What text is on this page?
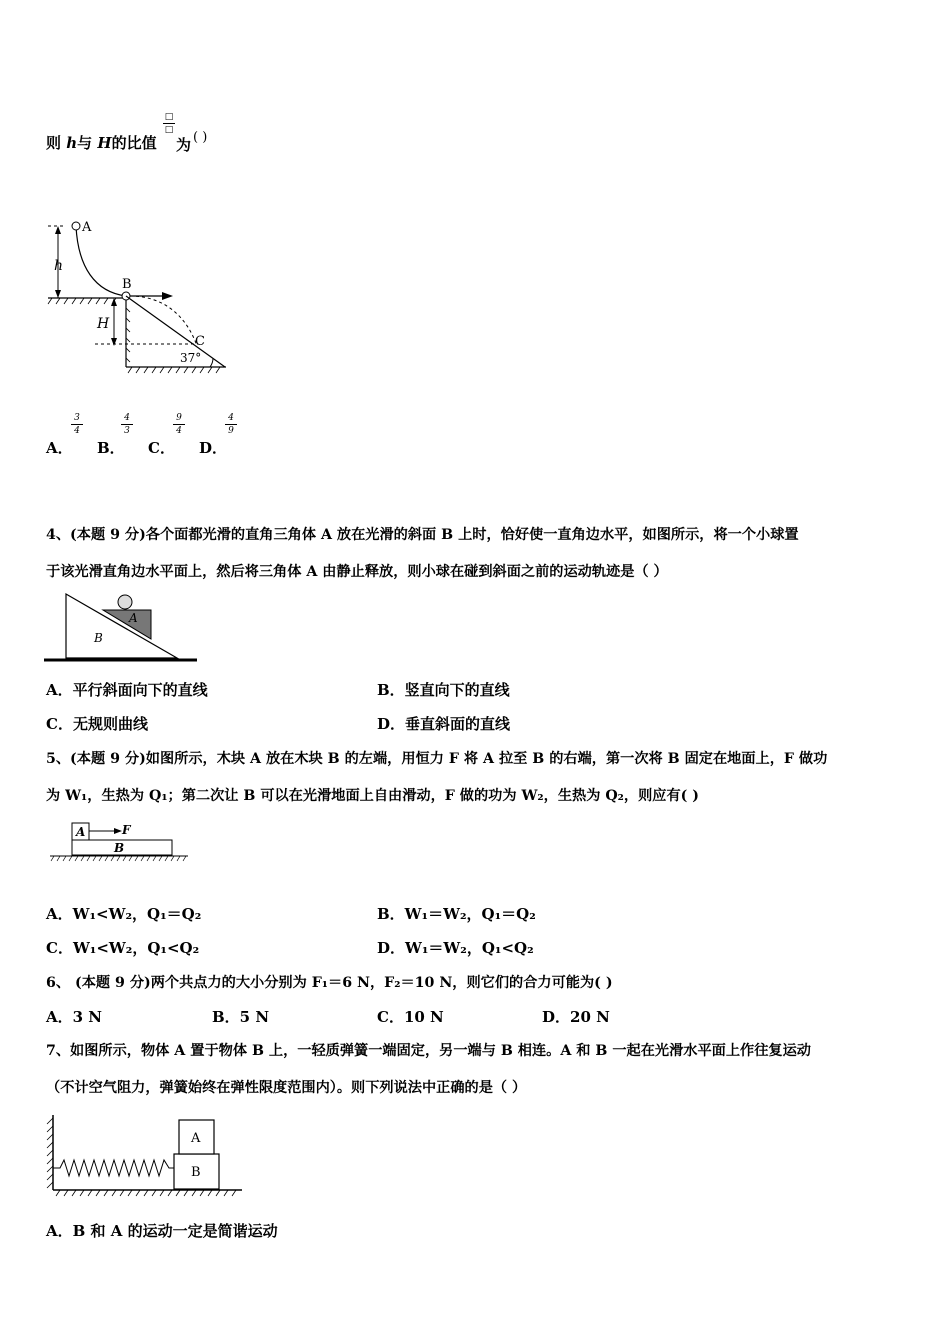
则 h与 H的比值
□
□
为 ( )
A
B
C
h
H
37°
A．
3
4
B．
4
3
C．
9
4
D．
4
9
4、(本题 9 分)各个面都光滑的直角三角体 A 放在光滑的斜面 B 上时，恰好使一直角边水平，如图所示，将一个小球置
于该光滑直角边水平面上，然后将三角体 A 由静止释放，则小球在碰到斜面之前的运动轨迹是（ ）
A
B
A．平行斜面向下的直线	B．竖直向下的直线
C．无规则曲线	D．垂直斜面的直线
5、(本题 9 分)如图所示，木块 A 放在木块 B 的左端，用恒力 F 将 A 拉至 B 的右端，第一次将 B 固定在地面上，F 做功
为 W₁，生热为 Q₁；第二次让 B 可以在光滑地面上自由滑动，F 做的功为 W₂，生热为 Q₂，则应有( )
A	F
B
A．W₁<W₂，Q₁＝Q₂	B．W₁＝W₂，Q₁＝Q₂
C．W₁<W₂，Q₁<Q₂	D．W₁＝W₂，Q₁<Q₂
6、 (本题 9 分)两个共点力的大小分别为 F₁＝6 N，F₂＝10 N，则它们的合力可能为( )
A．3 N	B．5 N	C．10 N	D．20 N
7、如图所示，物体 A 置于物体 B 上，一轻质弹簧一端固定，另一端与 B 相连。A 和 B 一起在光滑水平面上作往复运动
（不计空气阻力，弹簧始终在弹性限度范围内）。则下列说法中正确的是（ ）
A
B
A．B 和 A 的运动一定是简谐运动
